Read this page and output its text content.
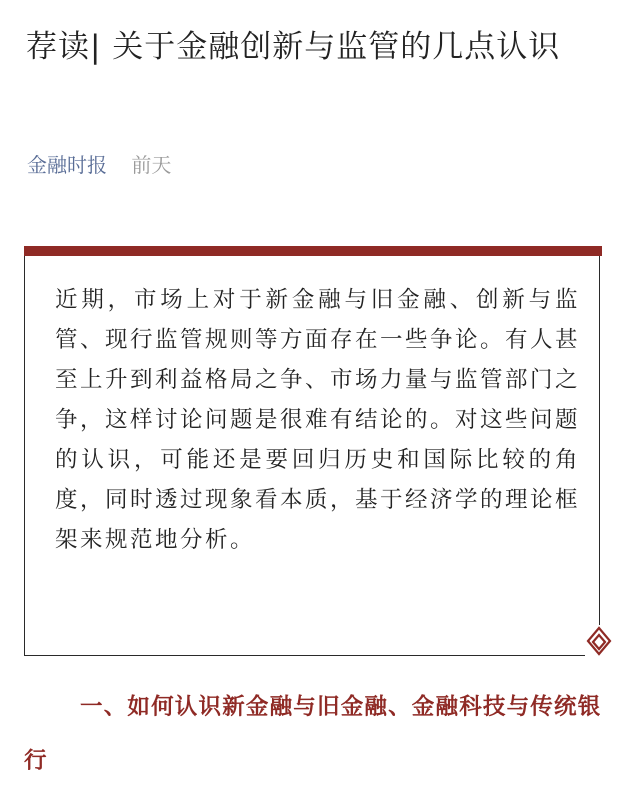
荐读| 关于金融创新与监管的几点认识
金融时报 前天

近期，市场上对于新金融与旧金融、创新与监管、现行监管规则等方面存在一些争论。有人甚至上升到利益格局之争、市场力量与监管部门之争，这样讨论问题是很难有结论的。对这些问题的认识，可能还是要回归历史和国际比较的角度，同时透过现象看本质，基于经济学的理论框架来规范地分析。

一、如何认识新金融与旧金融、金融科技与传统银行
